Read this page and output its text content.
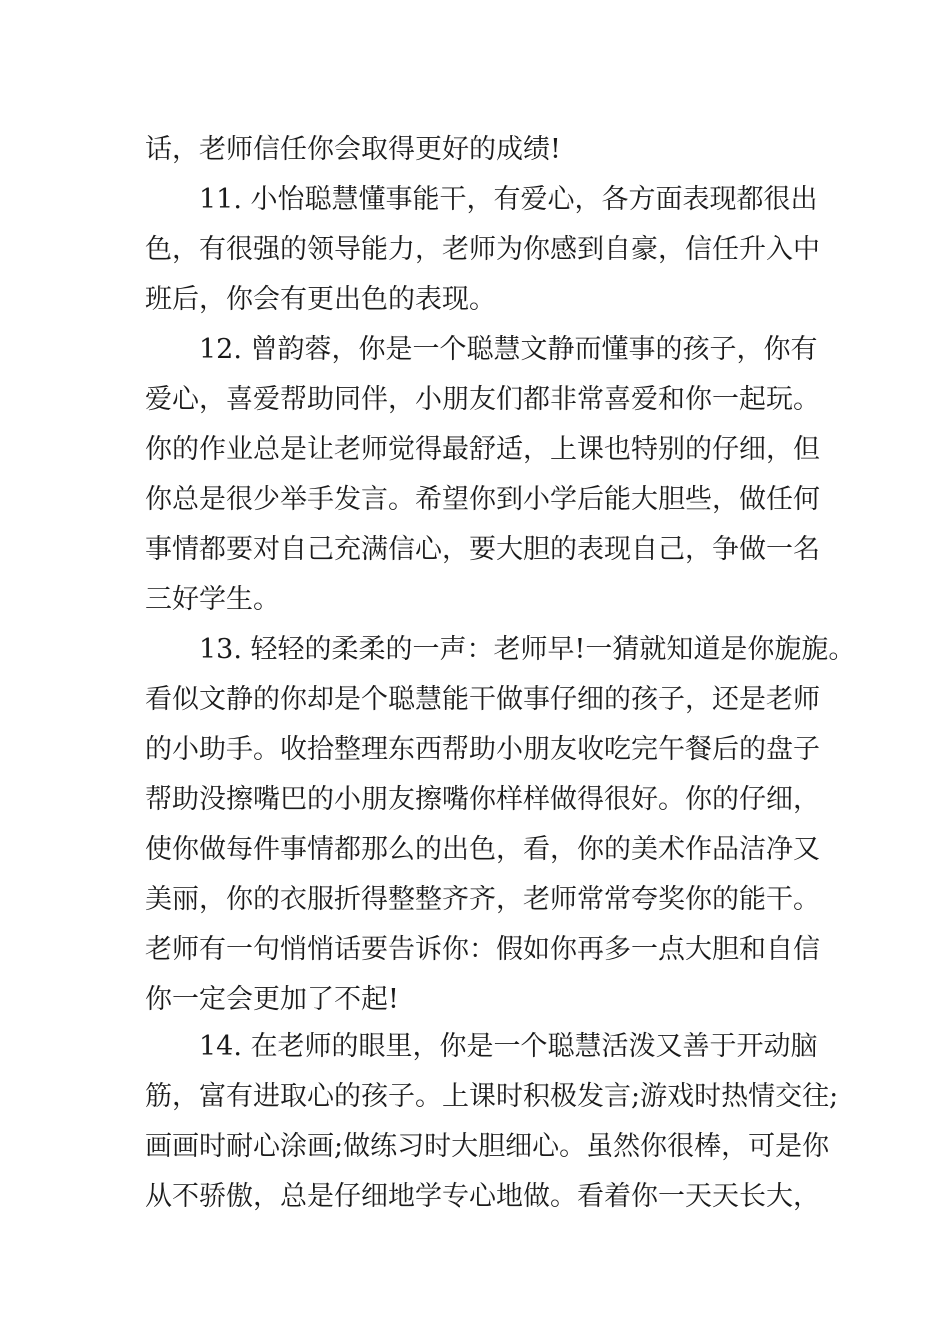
话，老师信任你会取得更好的成绩!
11. 小怡聪慧懂事能干，有爱心，各方面表现都很出
色，有很强的领导能力，老师为你感到自豪，信任升入中
班后，你会有更出色的表现。
12. 曾韵蓉，你是一个聪慧文静而懂事的孩子，你有
爱心，喜爱帮助同伴，小朋友们都非常喜爱和你一起玩。
你的作业总是让老师觉得最舒适，上课也特别的仔细，但
你总是很少举手发言。希望你到小学后能大胆些，做任何
事情都要对自己充满信心，要大胆的表现自己，争做一名
三好学生。
13. 轻轻的柔柔的一声：老师早!一猜就知道是你旎旎。
看似文静的你却是个聪慧能干做事仔细的孩子，还是老师
的小助手。收拾整理东西帮助小朋友收吃完午餐后的盘子
帮助没擦嘴巴的小朋友擦嘴你样样做得很好。你的仔细，
使你做每件事情都那么的出色，看，你的美术作品洁净又
美丽，你的衣服折得整整齐齐，老师常常夸奖你的能干。
老师有一句悄悄话要告诉你：假如你再多一点大胆和自信
你一定会更加了不起!
14. 在老师的眼里，你是一个聪慧活泼又善于开动脑
筋，富有进取心的孩子。上课时积极发言;游戏时热情交往;
画画时耐心涂画;做练习时大胆细心。虽然你很棒，可是你
从不骄傲，总是仔细地学专心地做。看着你一天天长大，
